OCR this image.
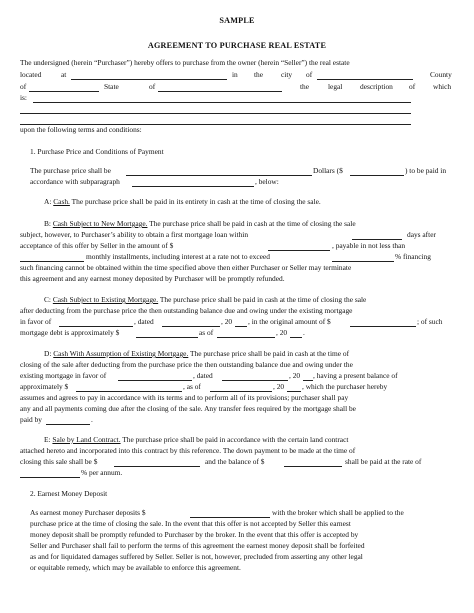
SAMPLE
AGREEMENT TO PURCHASE REAL ESTATE
The undersigned (herein “Purchaser”) hereby offers to purchase from the owner (herein “Seller”) the real estate
located	at	in the city of	County
of	State	of	the	legal description of which
is:
upon the following terms and conditions:
1. Purchase Price and Conditions of Payment
The purchase price shall be	Dollars ($	) to be paid in
accordance with subparagraph	, below:
A: Cash. The purchase price shall be paid in its entirety in cash at the time of closing the sale.
B: Cash Subject to New Mortgage. The purchase price shall be paid in cash at the time of closing the sale
subject, however, to Purchaser’s ability to obtain a first mortgage loan within	days after
acceptance of this offer by Seller in the amount of $	, payable in not less than
monthly installments, including interest at a rate not to exceed	% financing
such financing cannot be obtained within the time specified above then either Purchaser or Seller may terminate
this agreement and any earnest money deposited by Purchaser will be promptly refunded.
C: Cash Subject to Existing Mortgage. The purchase price shall be paid in cash at the time of closing the sale
after deducting from the purchase price the then outstanding balance due and owing under the existing mortgage
in favor of	, dated	, 20 , in the original amount of $	; of such
mortgage debt is approximately $	as of	, 20 .
D: Cash With Assumption of Existing Mortgage. The purchase price shall be paid in cash at the time of
closing of the sale after deducting from the purchase price the then outstanding balance due and owing under the
existing mortgage in favor of	, dated	, 20 , having a present balance of
approximately $	, as of	, 20 , which the purchaser hereby
assumes and agrees to pay in accordance with its terms and to perform all of its provisions; purchaser shall pay
any and all payments coming due after the closing of the sale. Any transfer fees required by the mortgage shall be
paid by	.
E: Sale by Land Contract. The purchase price shall be paid in accordance with the certain land contract
attached hereto and incorporated into this contract by this reference. The down payment to be made at the time of
closing this sale shall be $	and the balance of $	shall be paid at the rate of
% per annum.
2. Earnest Money Deposit
As earnest money Purchaser deposits $	with the broker which shall be applied to the
purchase price at the time of closing the sale. In the event that this offer is not accepted by Seller this earnest
money deposit shall be promptly refunded to Purchaser by the broker. In the event that this offer is accepted by
Seller and Purchaser shall fail to perform the terms of this agreement the earnest money deposit shall be forfeited
as and for liquidated damages suffered by Seller. Seller is not, however, precluded from asserting any other legal
or equitable remedy, which may be available to enforce this agreement.
